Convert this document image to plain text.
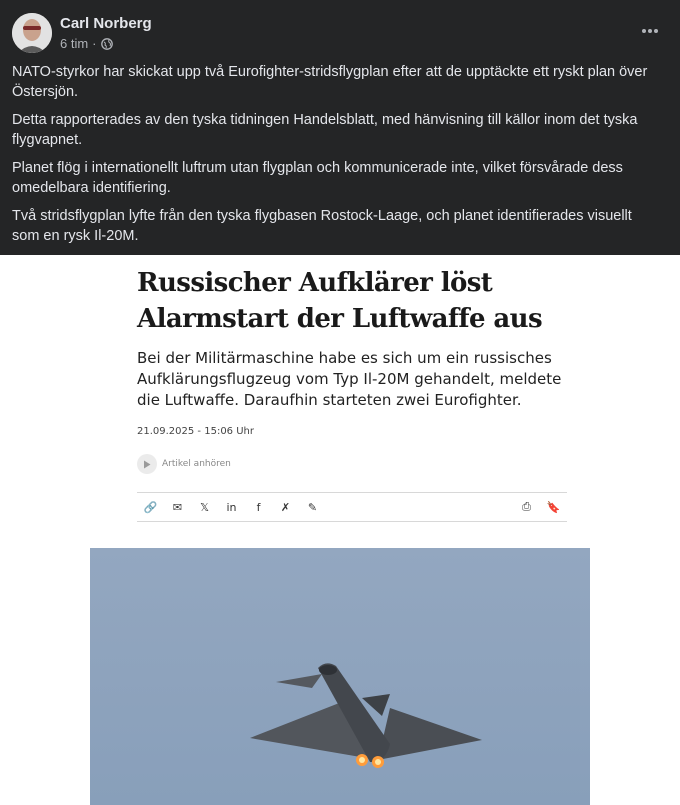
Carl Norberg
6 tim ·

NATO-styrkor har skickat upp två Eurofighter-stridsflygplan efter att de upptäckte ett ryskt plan över Östersjön.

Detta rapporterades av den tyska tidningen Handelsblatt, med hänvisning till källor inom det tyska flygvapnet.

Planet flög i internationellt luftrum utan flygplan och kommunicerade inte, vilket försvårade dess omedelbara identifiering.

Två stridsflygplan lyfte från den tyska flygbasen Rostock-Laage, och planet identifierades visuellt som en rysk Il-20M.

Russischer Aufklärer löst
Alarmstart der Luftwaffe aus
Bei der Militärmaschine habe es sich um ein russisches
Aufklärungsflugzeug vom Typ Il-20M gehandelt, meldete
die Luftwaffe. Daraufhin starteten zwei Eurofighter.
21.09.2025 - 15:06 Uhr
Artikel anhören
🔗	✉	𝕏	in	f	✗	✎	⎙	🔖
